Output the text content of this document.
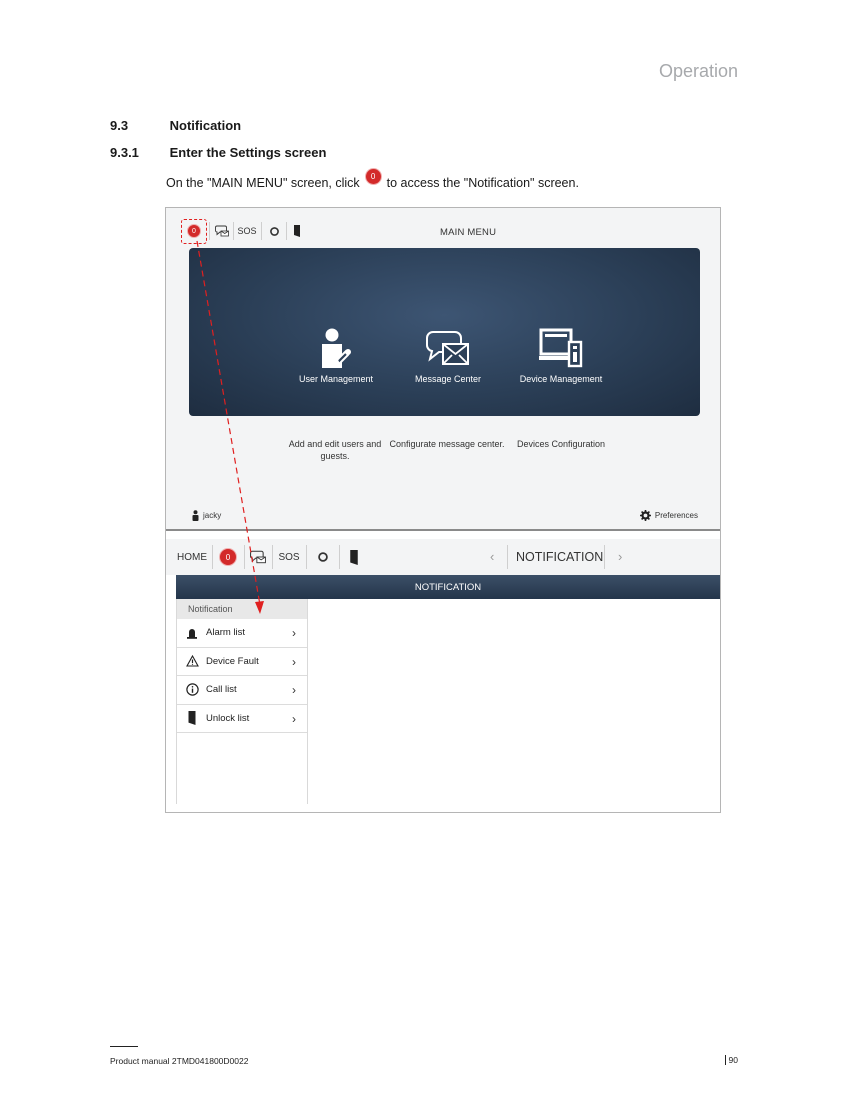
Operation
9.3	Notification
9.3.1 Enter the Settings screen
On the "MAIN MENU" screen, click	0 to access the "Notification" screen.
0	SOS	MAIN MENU
User Management	Message Center	Device Management
Add and edit users and guests.
Configurate message center.	Devices Configuration
jacky	Preferences
HOME	0	SOS	‹ NOTIFICATION ›
NOTIFICATION
Notification
Alarm list	›
Device Fault	›
Call list	›
Unlock list	›
Product manual 2TMD041800D0022	90
